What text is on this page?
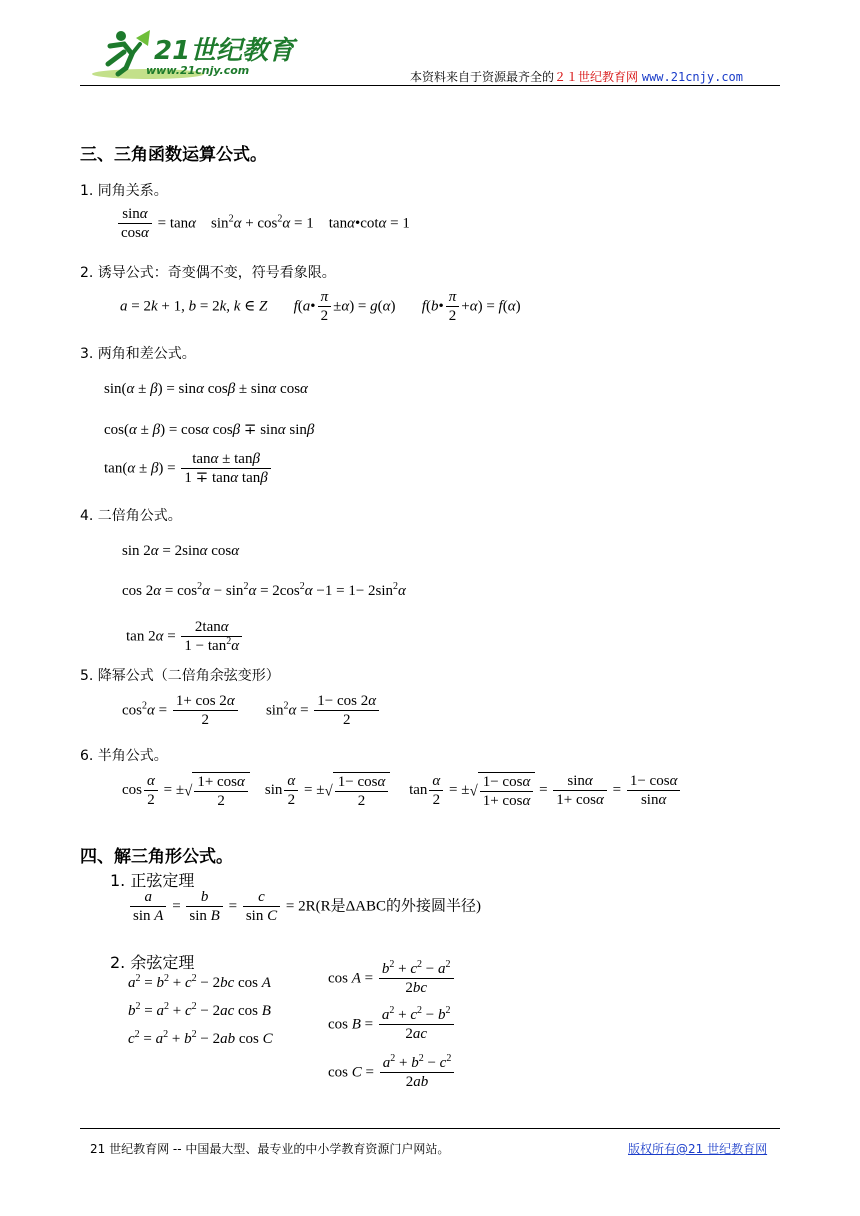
21世纪教育
www.21cnjy.com	本资料来自于资源最齐全的２１世纪教育网 www.21cnjy.com
三、三角函数运算公式。
1. 同角关系。
$\frac{\sin\alpha}{\cos\alpha} = \tan\alpha$    $\sin^2\alpha + \cos^2\alpha = 1$    tanα•cotα = 1
2. 诱导公式：奇变偶不变，符号看象限。
a = 2k + 1, b = 2k, k ∈ Z f(a• $\frac{\pi}{2} \pm\alpha) = g(\alpha)$       f(b• $\frac{\pi}{2} +\alpha) = f(\alpha)$
3. 两角和差公式。
sin(α ± β) = sinα cosβ ± sinα cosα
cos(α ± β) = cosα cosβ ∓ sinα sinβ
$\tan(\alpha \pm \beta) = \frac{\tan\alpha \pm \tan\beta}{\text{1 ∓ tanα tanβ}}$
4. 二倍角公式。
sin 2α = 2sinα cosα
$\cos 2\alpha = \cos^2\alpha - \sin^2\alpha = 2\cos^2\alpha -1 = 1- 2\sin^2\alpha$
$\tan 2\alpha = \frac{2\tan\alpha}{1 - \tan^2\alpha}$
5. 降幂公式（二倍角余弦变形）
$\cos^2\alpha = \frac{1+ \cos 2\alpha}{2} \sin^2\alpha = \frac{1- \cos 2\alpha}{2}$
6. 半角公式。
$\cos \frac{\alpha}{2}$ = ±√ $\frac{1+ \cos\alpha}{2}$ $\sin \frac{\alpha}{2}$ = ±√ $\frac{1- \cos\alpha}{2}$ $\tan \frac{\alpha}{2}$ = ±√ $\frac{1- \cos\alpha}{1+ \cos\alpha} = \frac{\sin\alpha}{1+ \cos\alpha} = \frac{1- \cos\alpha}{\sin\alpha}$
四、解三角形公式。
1. 正弦定理
$\frac{a}{\text{sin A}} = \frac{b}{\text{sin B}} = \frac{c}{\text{sin C}} = 2R(R$是ΔABC的外接圆半径)
2. 余弦定理
$a^2 = b^2 + c^2 - 2bc$ cos A
$b^2 = a^2 + c^2 - 2ac$ cos B
$c^2 = a^2 + b^2 - 2ab$ cos C
$\cos A = \frac{b^2 + c^2 - a^2}{2bc}$
$\cos B = \frac{a^2 + c^2 - b^2}{2ac}$
$\cos C = \frac{a^2 + b^2 - c^2}{2ab}$
21 世纪教育网 -- 中国最大型、最专业的中小学教育资源门户网站。	版权所有@21 世纪教育网
